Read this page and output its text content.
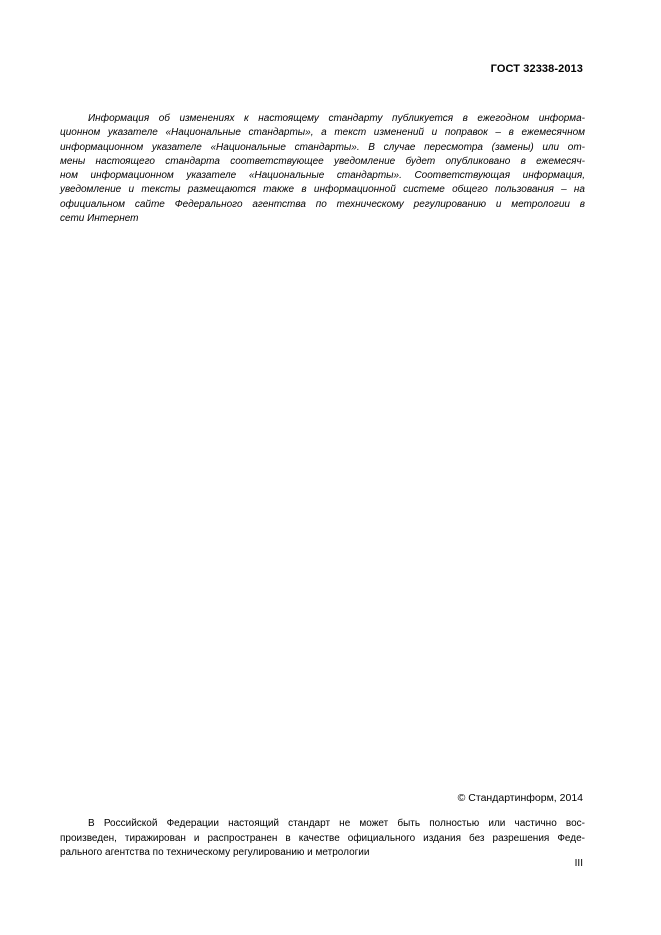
ГОСТ 32338-2013
Информация об изменениях к настоящему стандарту публикуется в ежегодном информа-
ционном указателе «Национальные стандарты», а текст изменений и поправок – в ежемесячном
информационном указателе «Национальные стандарты». В случае пересмотра (замены) или от-
мены настоящего стандарта соответствующее уведомление будет опубликовано в ежемесяч-
ном информационном указателе «Национальные стандарты». Соответствующая информация,
уведомление и тексты размещаются также в информационной системе общего пользования – на
официальном сайте Федерального агентства по техническому регулированию и метрологии в
сети Интернет
© Стандартинформ, 2014
В Российской Федерации настоящий стандарт не может быть полностью или частично вос-
произведен, тиражирован и распространен в качестве официального издания без разрешения Феде-
рального агентства по техническому регулированию и метрологии
III
